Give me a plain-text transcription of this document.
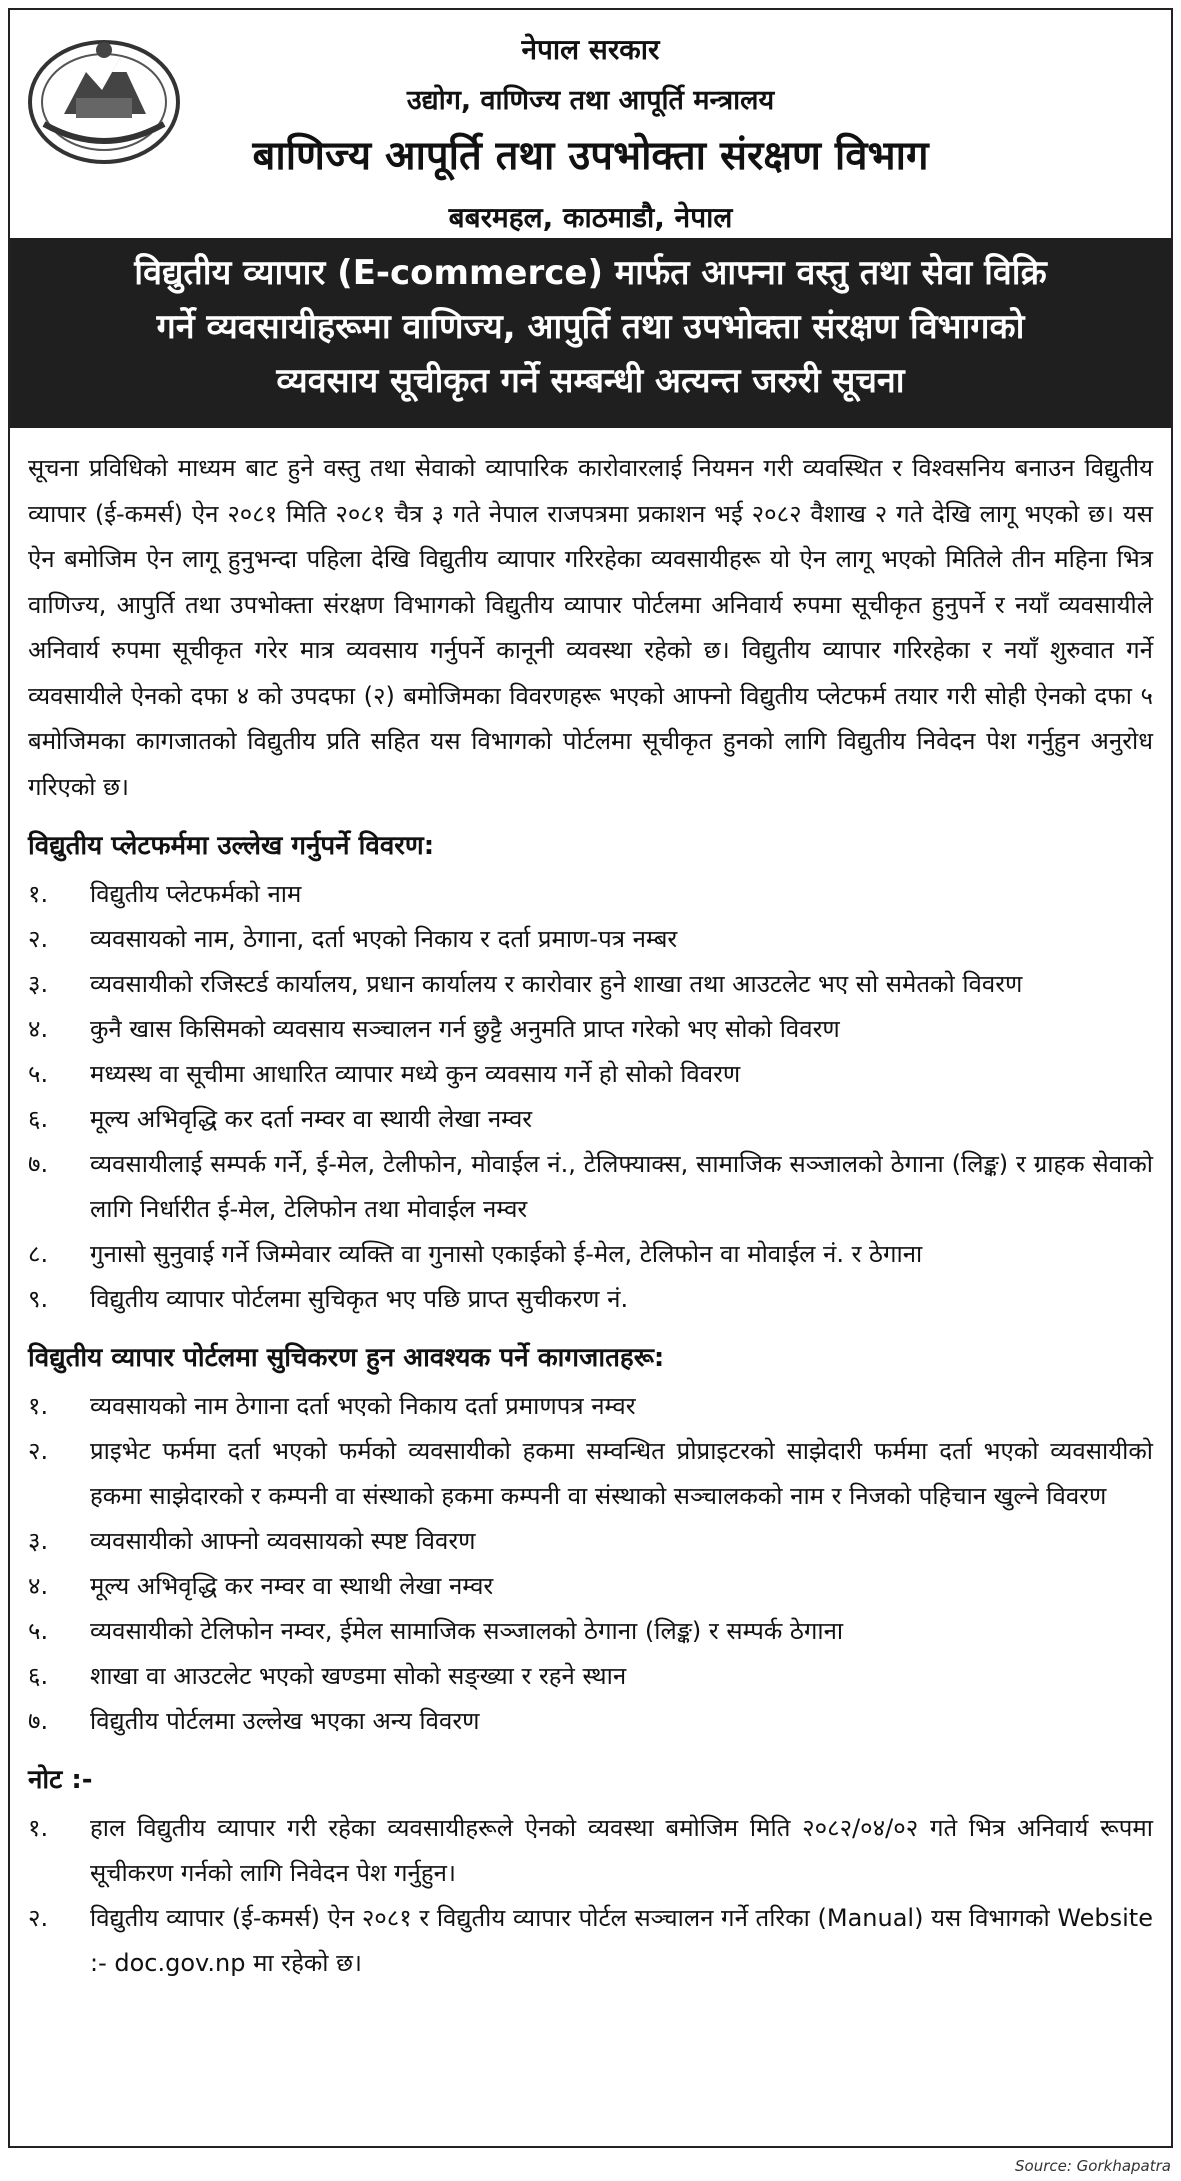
नेपाल सरकार
उद्योग, वाणिज्य तथा आपूर्ति मन्त्रालय
बाणिज्य आपूर्ति तथा उपभोक्ता संरक्षण विभाग
बबरमहल, काठमाडौ, नेपाल
विद्युतीय व्यापार (E-commerce) मार्फत आफ्ना वस्तु तथा सेवा विक्रि
गर्ने व्यवसायीहरूमा वाणिज्य, आपुर्ति तथा उपभोक्ता संरक्षण विभागको
व्यवसाय सूचीकृत गर्ने सम्बन्धी अत्यन्त जरुरी सूचना

सूचना प्रविधिको माध्यम बाट हुने वस्तु तथा सेवाको व्यापारिक कारोवारलाई नियमन गरी व्यवस्थित र विश्वसनिय बनाउन विद्युतीय व्यापार (ई-कमर्स) ऐन २०८१ मिति २०८१ चैत्र ३ गते नेपाल राजपत्रमा प्रकाशन भई २०८२ वैशाख २ गते देखि लागू भएको छ। यस ऐन बमोजिम ऐन लागू हुनुभन्दा पहिला देखि विद्युतीय व्यापार गरिरहेका व्यवसायीहरू यो ऐन लागू भएको मितिले तीन महिना भित्र वाणिज्य, आपुर्ति तथा उपभोक्ता संरक्षण विभागको विद्युतीय व्यापार पोर्टलमा अनिवार्य रुपमा सूचीकृत हुनुपर्ने र नयाँ व्यवसायीले अनिवार्य रुपमा सूचीकृत गरेर मात्र व्यवसाय गर्नुपर्ने कानूनी व्यवस्था रहेको छ। विद्युतीय व्यापार गरिरहेका र नयाँ शुरुवात गर्ने व्यवसायीले ऐनको दफा ४ को उपदफा (२) बमोजिमका विवरणहरू भएको आफ्नो विद्युतीय प्लेटफर्म तयार गरी सोही ऐनको दफा ५ बमोजिमका कागजातको विद्युतीय प्रति सहित यस विभागको पोर्टलमा सूचीकृत हुनको लागि विद्युतीय निवेदन पेश गर्नुहुन अनुरोध गरिएको छ।

विद्युतीय प्लेटफर्ममा उल्लेख गर्नुपर्ने विवरण:
१.	विद्युतीय प्लेटफर्मको नाम
२.	व्यवसायको नाम, ठेगाना, दर्ता भएको निकाय र दर्ता प्रमाण-पत्र नम्बर
३.	व्यवसायीको रजिस्टर्ड कार्यालय, प्रधान कार्यालय र कारोवार हुने शाखा तथा आउटलेट भए सो समेतको विवरण
४.	कुनै खास किसिमको व्यवसाय सञ्चालन गर्न छुट्टै अनुमति प्राप्त गरेको भए सोको विवरण
५.	मध्यस्थ वा सूचीमा आधारित व्यापार मध्ये कुन व्यवसाय गर्ने हो सोको विवरण
६.	मूल्य अभिवृद्धि कर दर्ता नम्वर वा स्थायी लेखा नम्वर
७.	व्यवसायीलाई सम्पर्क गर्ने, ई-मेल, टेलीफोन, मोवाईल नं., टेलिफ्याक्स, सामाजिक सञ्जालको ठेगाना (लिङ्क) र ग्राहक सेवाको लागि निर्धारीत ई-मेल, टेलिफोन तथा मोवाईल नम्वर
८.	गुनासो सुनुवाई गर्ने जिम्मेवार व्यक्ति वा गुनासो एकाईको ई-मेल, टेलिफोन वा मोवाईल नं. र ठेगाना
९.	विद्युतीय व्यापार पोर्टलमा सुचिकृत भए पछि प्राप्त सुचीकरण नं.
विद्युतीय व्यापार पोर्टलमा सुचिकरण हुन आवश्यक पर्ने कागजातहरू:
१.	व्यवसायको नाम ठेगाना दर्ता भएको निकाय दर्ता प्रमाणपत्र नम्वर
२.	प्राइभेट फर्ममा दर्ता भएको फर्मको व्यवसायीको हकमा सम्वन्धित प्रोप्राइटरको साझेदारी फर्ममा दर्ता भएको व्यवसायीको हकमा साझेदारको र कम्पनी वा संस्थाको हकमा कम्पनी वा संस्थाको सञ्चालकको नाम र निजको पहिचान खुल्ने विवरण
३.	व्यवसायीको आफ्नो व्यवसायको स्पष्ट विवरण
४.	मूल्य अभिवृद्धि कर नम्वर वा स्थाथी लेखा नम्वर
५.	व्यवसायीको टेलिफोन नम्वर, ईमेल सामाजिक सञ्जालको ठेगाना (लिङ्क) र सम्पर्क ठेगाना
६.	शाखा वा आउटलेट भएको खण्डमा सोको सङ्ख्या र रहने स्थान
७.	विद्युतीय पोर्टलमा उल्लेख भएका अन्य विवरण
नोट :-
१.	हाल विद्युतीय व्यापार गरी रहेका व्यवसायीहरूले ऐनको व्यवस्था बमोजिम मिति २०८२/०४/०२ गते भित्र अनिवार्य रूपमा सूचीकरण गर्नको लागि निवेदन पेश गर्नुहुन।
२.	विद्युतीय व्यापार (ई-कमर्स) ऐन २०८१ र विद्युतीय व्यापार पोर्टल सञ्चालन गर्ने तरिका (Manual) यस विभागको Website :- doc.gov.np मा रहेको छ।
Source: Gorkhapatra
